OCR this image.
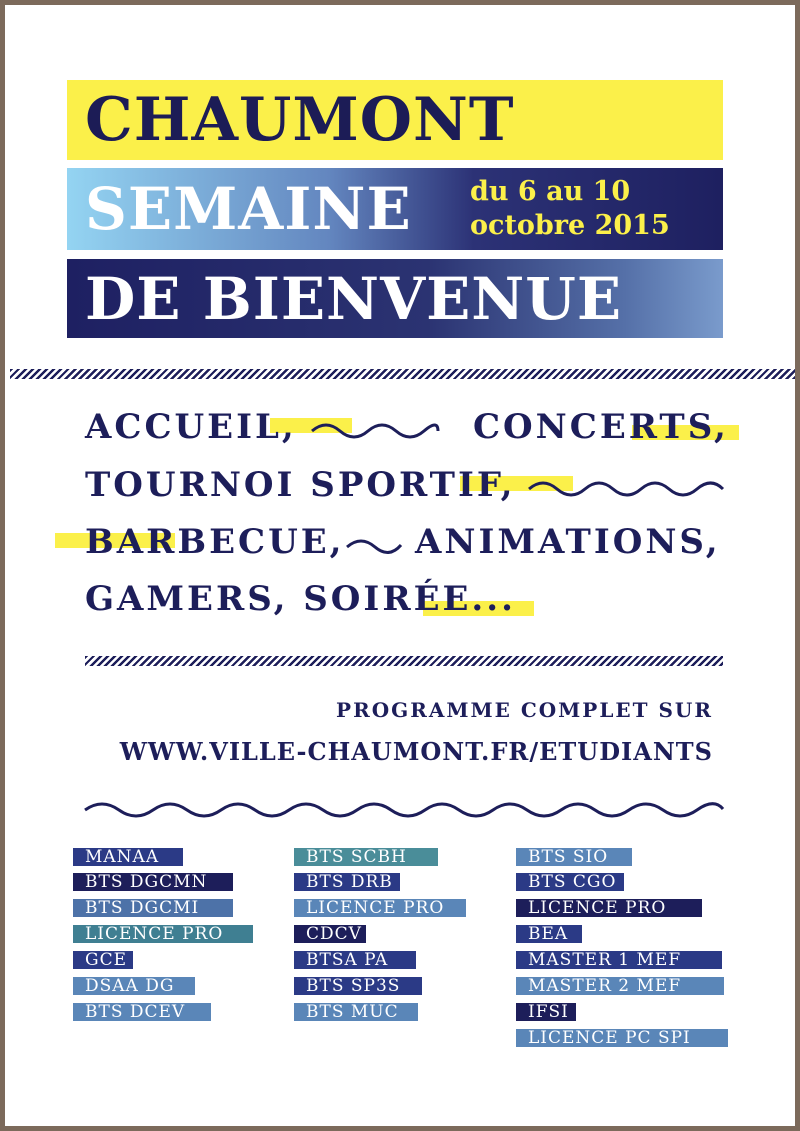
CHAUMONT
SEMAINE du 6 au 10
octobre 2015
DE BIENVENUE
ACCUEIL,	CONCERTS,
TOURNOI SPORTIF,
BARBECUE, ANIMATIONS,
GAMERS, SOIRÉE...
PROGRAMME COMPLET SUR
WWW.VILLE-CHAUMONT.FR/ETUDIANTS
MANAA
BTS DGCMN
BTS DGCMI
LICENCE PRO
GCE
DSAA DG
BTS DCEV
BTS SCBH
BTS DRB
LICENCE PRO
CDCV
BTSA PA
BTS SP3S
BTS MUC
BTS SIO
BTS CGO
LICENCE PRO
BEA
MASTER 1 MEF
MASTER 2 MEF
IFSI
LICENCE PC SPI
